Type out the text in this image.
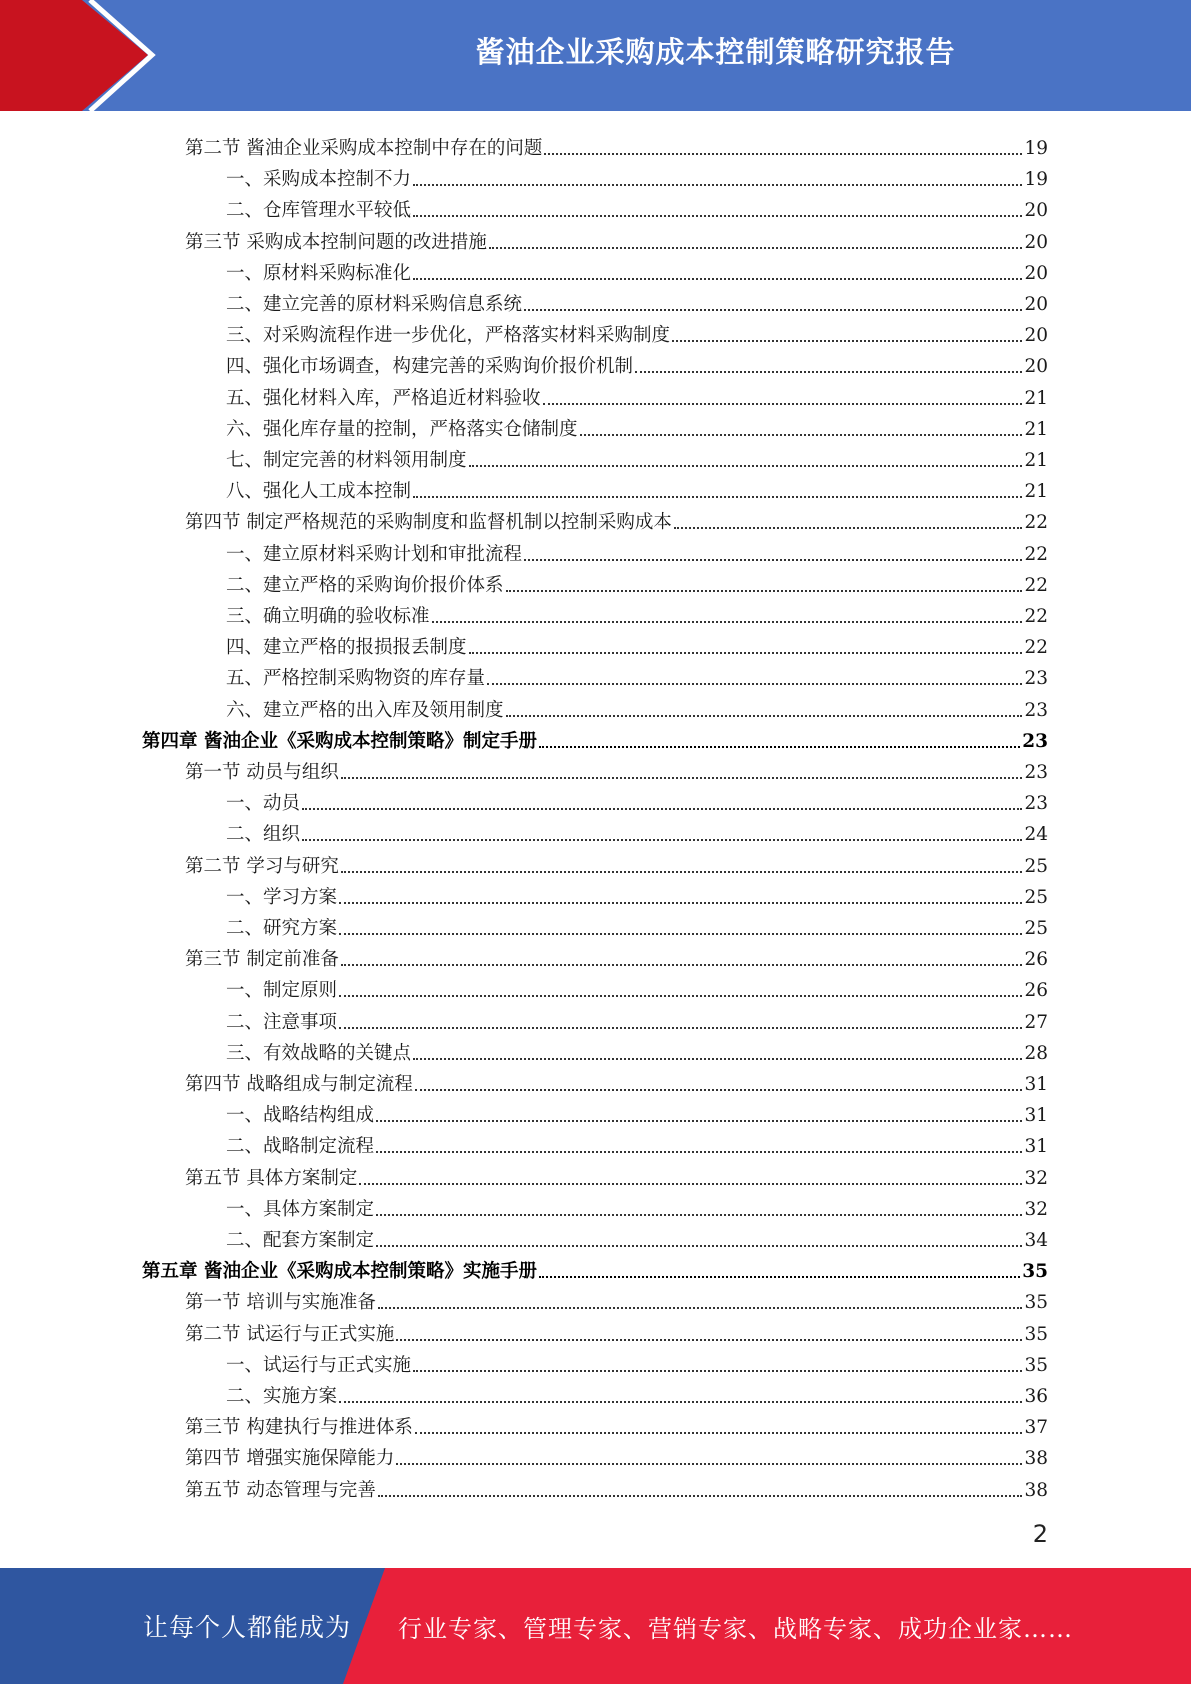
酱油企业采购成本控制策略研究报告
第二节 酱油企业采购成本控制中存在的问题	19
一、采购成本控制不力	19
二、仓库管理水平较低	20
第三节 采购成本控制问题的改进措施	20
一、原材料采购标准化	20
二、建立完善的原材料采购信息系统	20
三、对采购流程作进一步优化，严格落实材料采购制度	20
四、强化市场调查，构建完善的采购询价报价机制	20
五、强化材料入库，严格追近材料验收	21
六、强化库存量的控制，严格落实仓储制度	21
七、制定完善的材料领用制度	21
八、强化人工成本控制	21
第四节 制定严格规范的采购制度和监督机制以控制采购成本	22
一、建立原材料采购计划和审批流程	22
二、建立严格的采购询价报价体系	22
三、确立明确的验收标准	22
四、建立严格的报损报丢制度	22
五、严格控制采购物资的库存量	23
六、建立严格的出入库及领用制度	23
第四章 酱油企业《采购成本控制策略》制定手册	23
第一节 动员与组织	23
一、动员	23
二、组织	24
第二节 学习与研究	25
一、学习方案	25
二、研究方案	25
第三节 制定前准备	26
一、制定原则	26
二、注意事项	27
三、有效战略的关键点	28
第四节 战略组成与制定流程	31
一、战略结构组成	31
二、战略制定流程	31
第五节 具体方案制定	32
一、具体方案制定	32
二、配套方案制定	34
第五章 酱油企业《采购成本控制策略》实施手册	35
第一节 培训与实施准备	35
第二节 试运行与正式实施	35
一、试运行与正式实施	35
二、实施方案	36
第三节 构建执行与推进体系	37
第四节 增强实施保障能力	38
第五节 动态管理与完善	38
2
让每个人都能成为 行业专家、管理专家、营销专家、战略专家、成功企业家……
